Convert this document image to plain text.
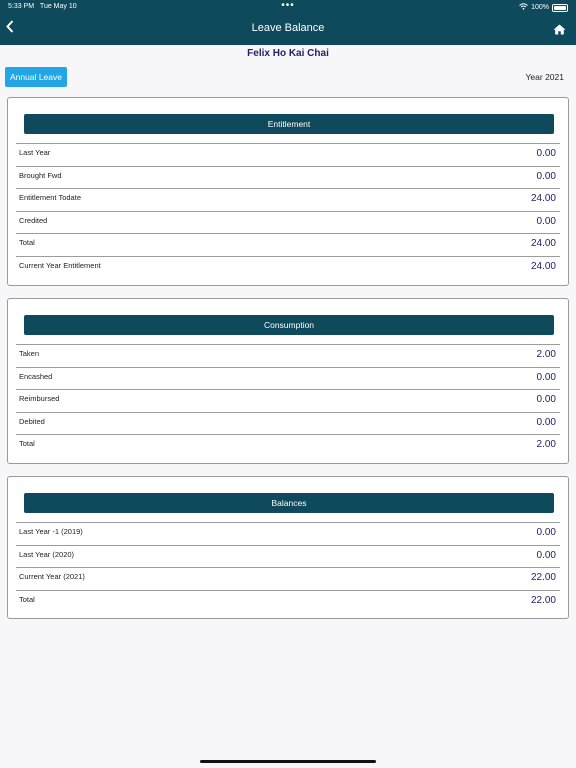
5:33 PM Tue May 10	•••	100%
Leave Balance
Felix Ho Kai Chai
Annual Leave	Year 2021
Entitlement
Last Year	0.00
Brought Fwd	0.00
Entitlement Todate	24.00
Credited	0.00
Total	24.00
Current Year Entitlement	24.00
Consumption
Taken	2.00
Encashed	0.00
Reimbursed	0.00
Debited	0.00
Total	2.00
Balances
Last Year -1 (2019)	0.00
Last Year (2020)	0.00
Current Year (2021)	22.00
Total	22.00
